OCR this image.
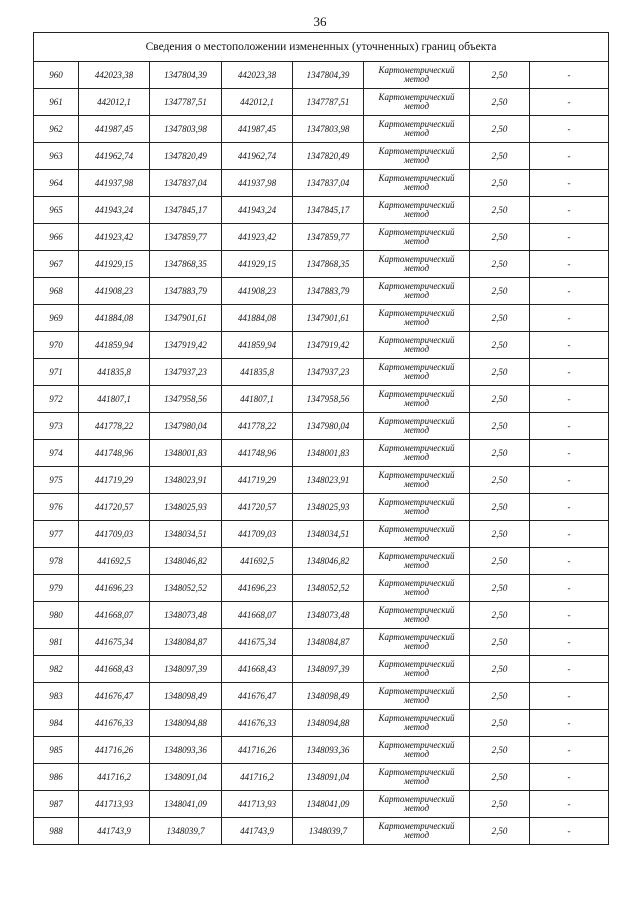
36
Сведения о местоположении измененных (уточненных) границ объекта							
960	442023,38	1347804,39	442023,38	1347804,39	Картометрический
метод	2,50	-
961	442012,1	1347787,51	442012,1	1347787,51	Картометрический
метод	2,50	-
962	441987,45	1347803,98	441987,45	1347803,98	Картометрический
метод	2,50	-
963	441962,74	1347820,49	441962,74	1347820,49	Картометрический
метод	2,50	-
964	441937,98	1347837,04	441937,98	1347837,04	Картометрический
метод	2,50	-
965	441943,24	1347845,17	441943,24	1347845,17	Картометрический
метод	2,50	-
966	441923,42	1347859,77	441923,42	1347859,77	Картометрический
метод	2,50	-
967	441929,15	1347868,35	441929,15	1347868,35	Картометрический
метод	2,50	-
968	441908,23	1347883,79	441908,23	1347883,79	Картометрический
метод	2,50	-
969	441884,08	1347901,61	441884,08	1347901,61	Картометрический
метод	2,50	-
970	441859,94	1347919,42	441859,94	1347919,42	Картометрический
метод	2,50	-
971	441835,8	1347937,23	441835,8	1347937,23	Картометрический
метод	2,50	-
972	441807,1	1347958,56	441807,1	1347958,56	Картометрический
метод	2,50	-
973	441778,22	1347980,04	441778,22	1347980,04	Картометрический
метод	2,50	-
974	441748,96	1348001,83	441748,96	1348001,83	Картометрический
метод	2,50	-
975	441719,29	1348023,91	441719,29	1348023,91	Картометрический
метод	2,50	-
976	441720,57	1348025,93	441720,57	1348025,93	Картометрический
метод	2,50	-
977	441709,03	1348034,51	441709,03	1348034,51	Картометрический
метод	2,50	-
978	441692,5	1348046,82	441692,5	1348046,82	Картометрический
метод	2,50	-
979	441696,23	1348052,52	441696,23	1348052,52	Картометрический
метод	2,50	-
980	441668,07	1348073,48	441668,07	1348073,48	Картометрический
метод	2,50	-
981	441675,34	1348084,87	441675,34	1348084,87	Картометрический
метод	2,50	-
982	441668,43	1348097,39	441668,43	1348097,39	Картометрический
метод	2,50	-
983	441676,47	1348098,49	441676,47	1348098,49	Картометрический
метод	2,50	-
984	441676,33	1348094,88	441676,33	1348094,88	Картометрический
метод	2,50	-
985	441716,26	1348093,36	441716,26	1348093,36	Картометрический
метод	2,50	-
986	441716,2	1348091,04	441716,2	1348091,04	Картометрический
метод	2,50	-
987	441713,93	1348041,09	441713,93	1348041,09	Картометрический
метод	2,50	-
988	441743,9	1348039,7	441743,9	1348039,7	Картометрический
метод	2,50	-
